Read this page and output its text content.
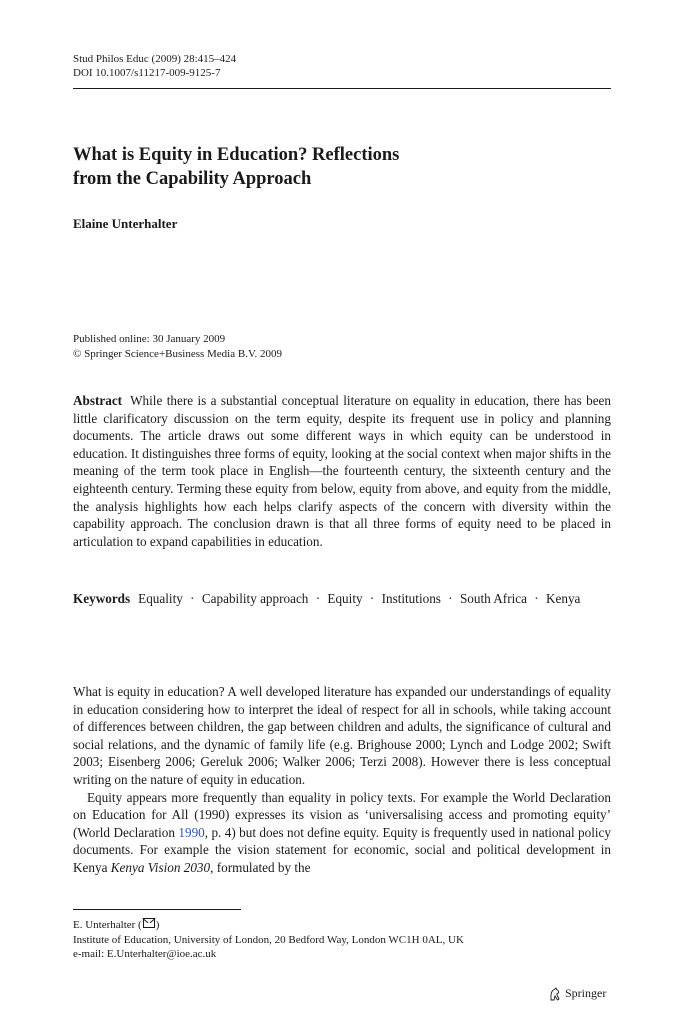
Stud Philos Educ (2009) 28:415–424
DOI 10.1007/s11217-009-9125-7
What is Equity in Education? Reflections
from the Capability Approach
Elaine Unterhalter
Published online: 30 January 2009
© Springer Science+Business Media B.V. 2009

Abstract While there is a substantial conceptual literature on equality in education, there has been little clarificatory discussion on the term equity, despite its frequent use in policy and planning documents. The article draws out some different ways in which equity can be understood in education. It distinguishes three forms of equity, looking at the social context when major shifts in the meaning of the term took place in English—the fourteenth century, the sixteenth century and the eighteenth century. Terming these equity from below, equity from above, and equity from the middle, the analysis highlights how each helps clarify aspects of the concern with diversity within the capability approach. The conclusion drawn is that all three forms of equity need to be placed in articulation to expand capabilities in education.

Keywords Equality · Capability approach · Equity · Institutions · South Africa · Kenya

What is equity in education? A well developed literature has expanded our understandings of equality in education considering how to interpret the ideal of respect for all in schools, while taking account of differences between children, the gap between children and adults, the significance of cultural and social relations, and the dynamic of family life (e.g. Brighouse 2000; Lynch and Lodge 2002; Swift 2003; Eisenberg 2006; Gereluk 2006; Walker 2006; Terzi 2008). However there is less conceptual writing on the nature of equity in education.

Equity appears more frequently than equality in policy texts. For example the World Declaration on Education for All (1990) expresses its vision as ‘universalising access and promoting equity’ (World Declaration 1990, p. 4) but does not define equity. Equity is frequently used in national policy documents. For example the vision statement for economic, social and political development in Kenya Kenya Vision 2030, formulated by the

E. Unterhalter ( )
Institute of Education, University of London, 20 Bedford Way, London WC1H 0AL, UK
e-mail: E.Unterhalter@ioe.ac.uk
Springer
